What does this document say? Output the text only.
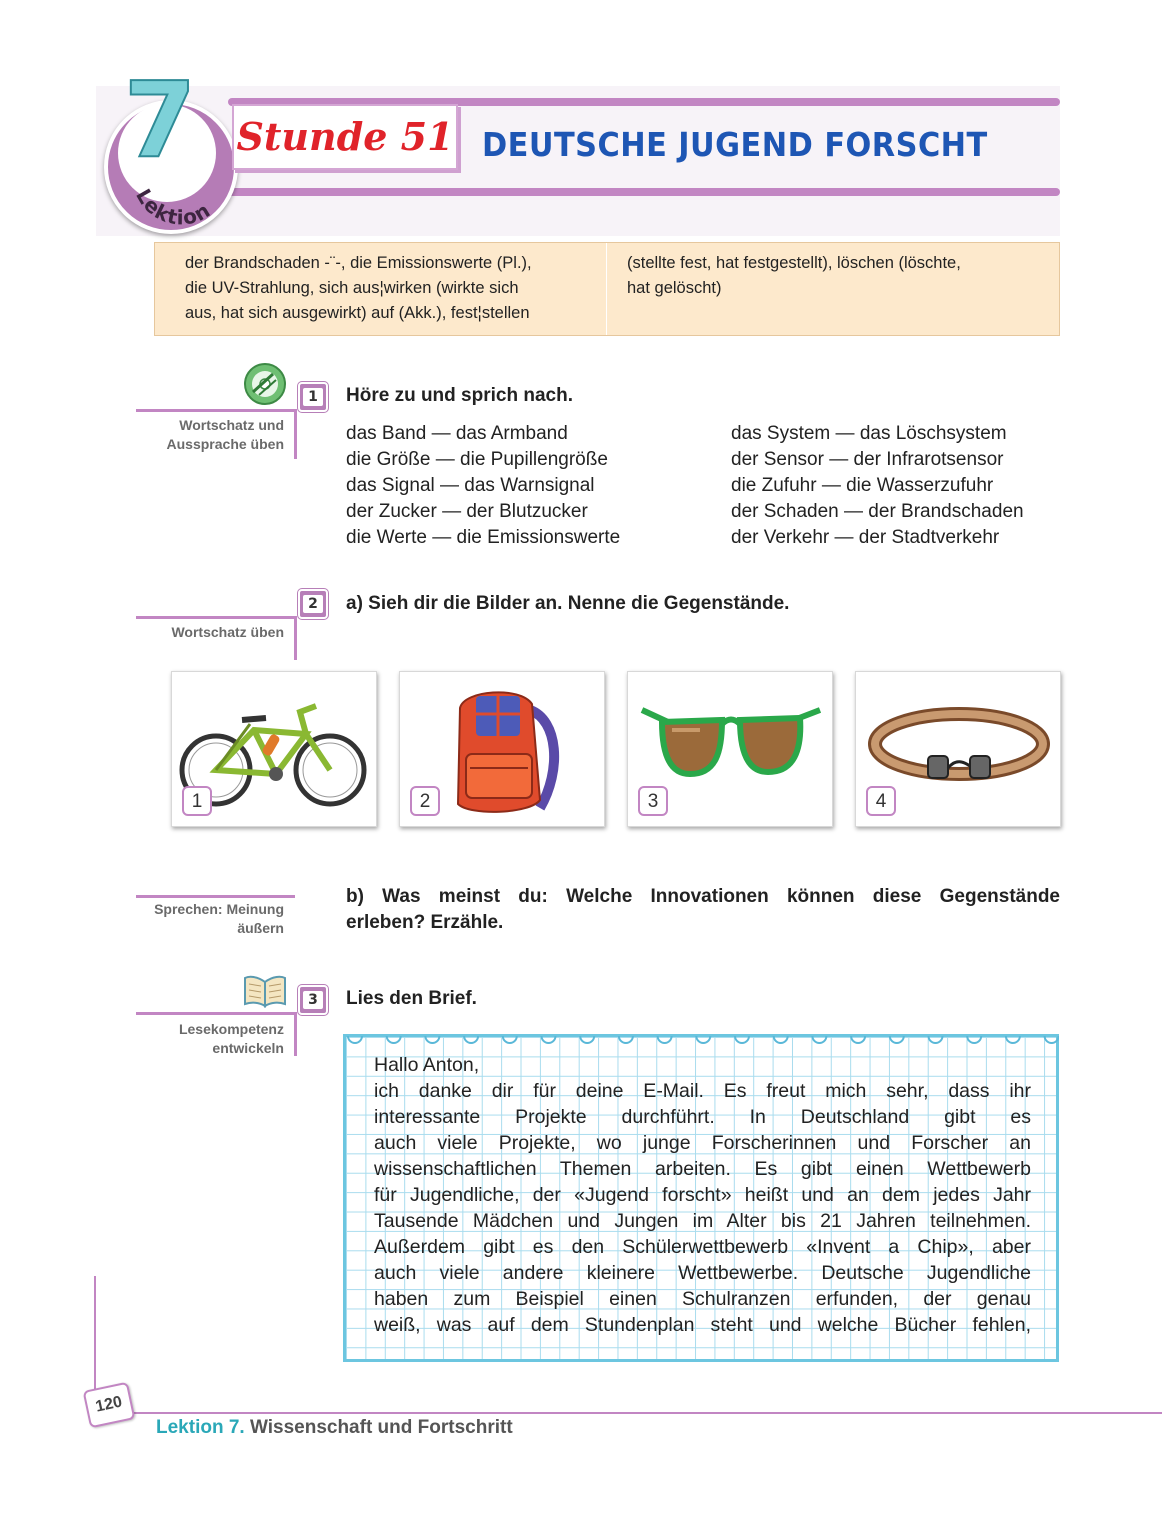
7
Lektion
Stunde 51 DEUTSCHE JUGEND FORSCHT
der Brandschaden -¨-, die Emissionswerte (Pl.),
die UV-Strahlung, sich aus¦wirken (wirkte sich
aus, hat sich ausgewirkt) auf (Akk.), fest¦stellen
(stellte fest, hat festgestellt), löschen (löschte,
hat gelöscht)
1
Wortschatz und
Aussprache üben
Höre zu und sprich nach.
das Band — das Armband
die Größe — die Pupillengröße
das Signal — das Warnsignal
der Zucker — der Blutzucker
die Werte — die Emissionswerte
das System — das Löschsystem
der Sensor — der Infrarotsensor
die Zufuhr — die Wasserzufuhr
der Schaden — der Brandschaden
der Verkehr — der Stadtverkehr
2
Wortschatz üben
a) Sieh dir die Bilder an. Nenne die Gegenstände.
1	2	3	4
Sprechen: Meinung
äußern
b) Was meinst du: Welche Innovationen können diese Gegenstände
erleben? Erzähle.
3
Lesekompetenz
entwickeln
Lies den Brief.
Hallo Anton,
ich danke dir für deine E-Mail. Es freut mich sehr, dass ihr
interessante Projekte durchführt. In Deutschland gibt es
auch viele Projekte, wo junge Forscherinnen und Forscher an
wissenschaftlichen Themen arbeiten. Es gibt einen Wettbewerb
für Jugendliche, der «Jugend forscht» heißt und an dem jedes Jahr
Tausende Mädchen und Jungen im Alter bis 21 Jahren teilnehmen.
Außerdem gibt es den Schülerwettbewerb «Invent a Chip», aber
auch viele andere kleinere Wettbewerbe. Deutsche Jugendliche
haben zum Beispiel einen Schulranzen erfunden, der genau
weiß, was auf dem Stundenplan steht und welche Bücher fehlen,
120
Lektion 7. Wissenschaft und Fortschritt
